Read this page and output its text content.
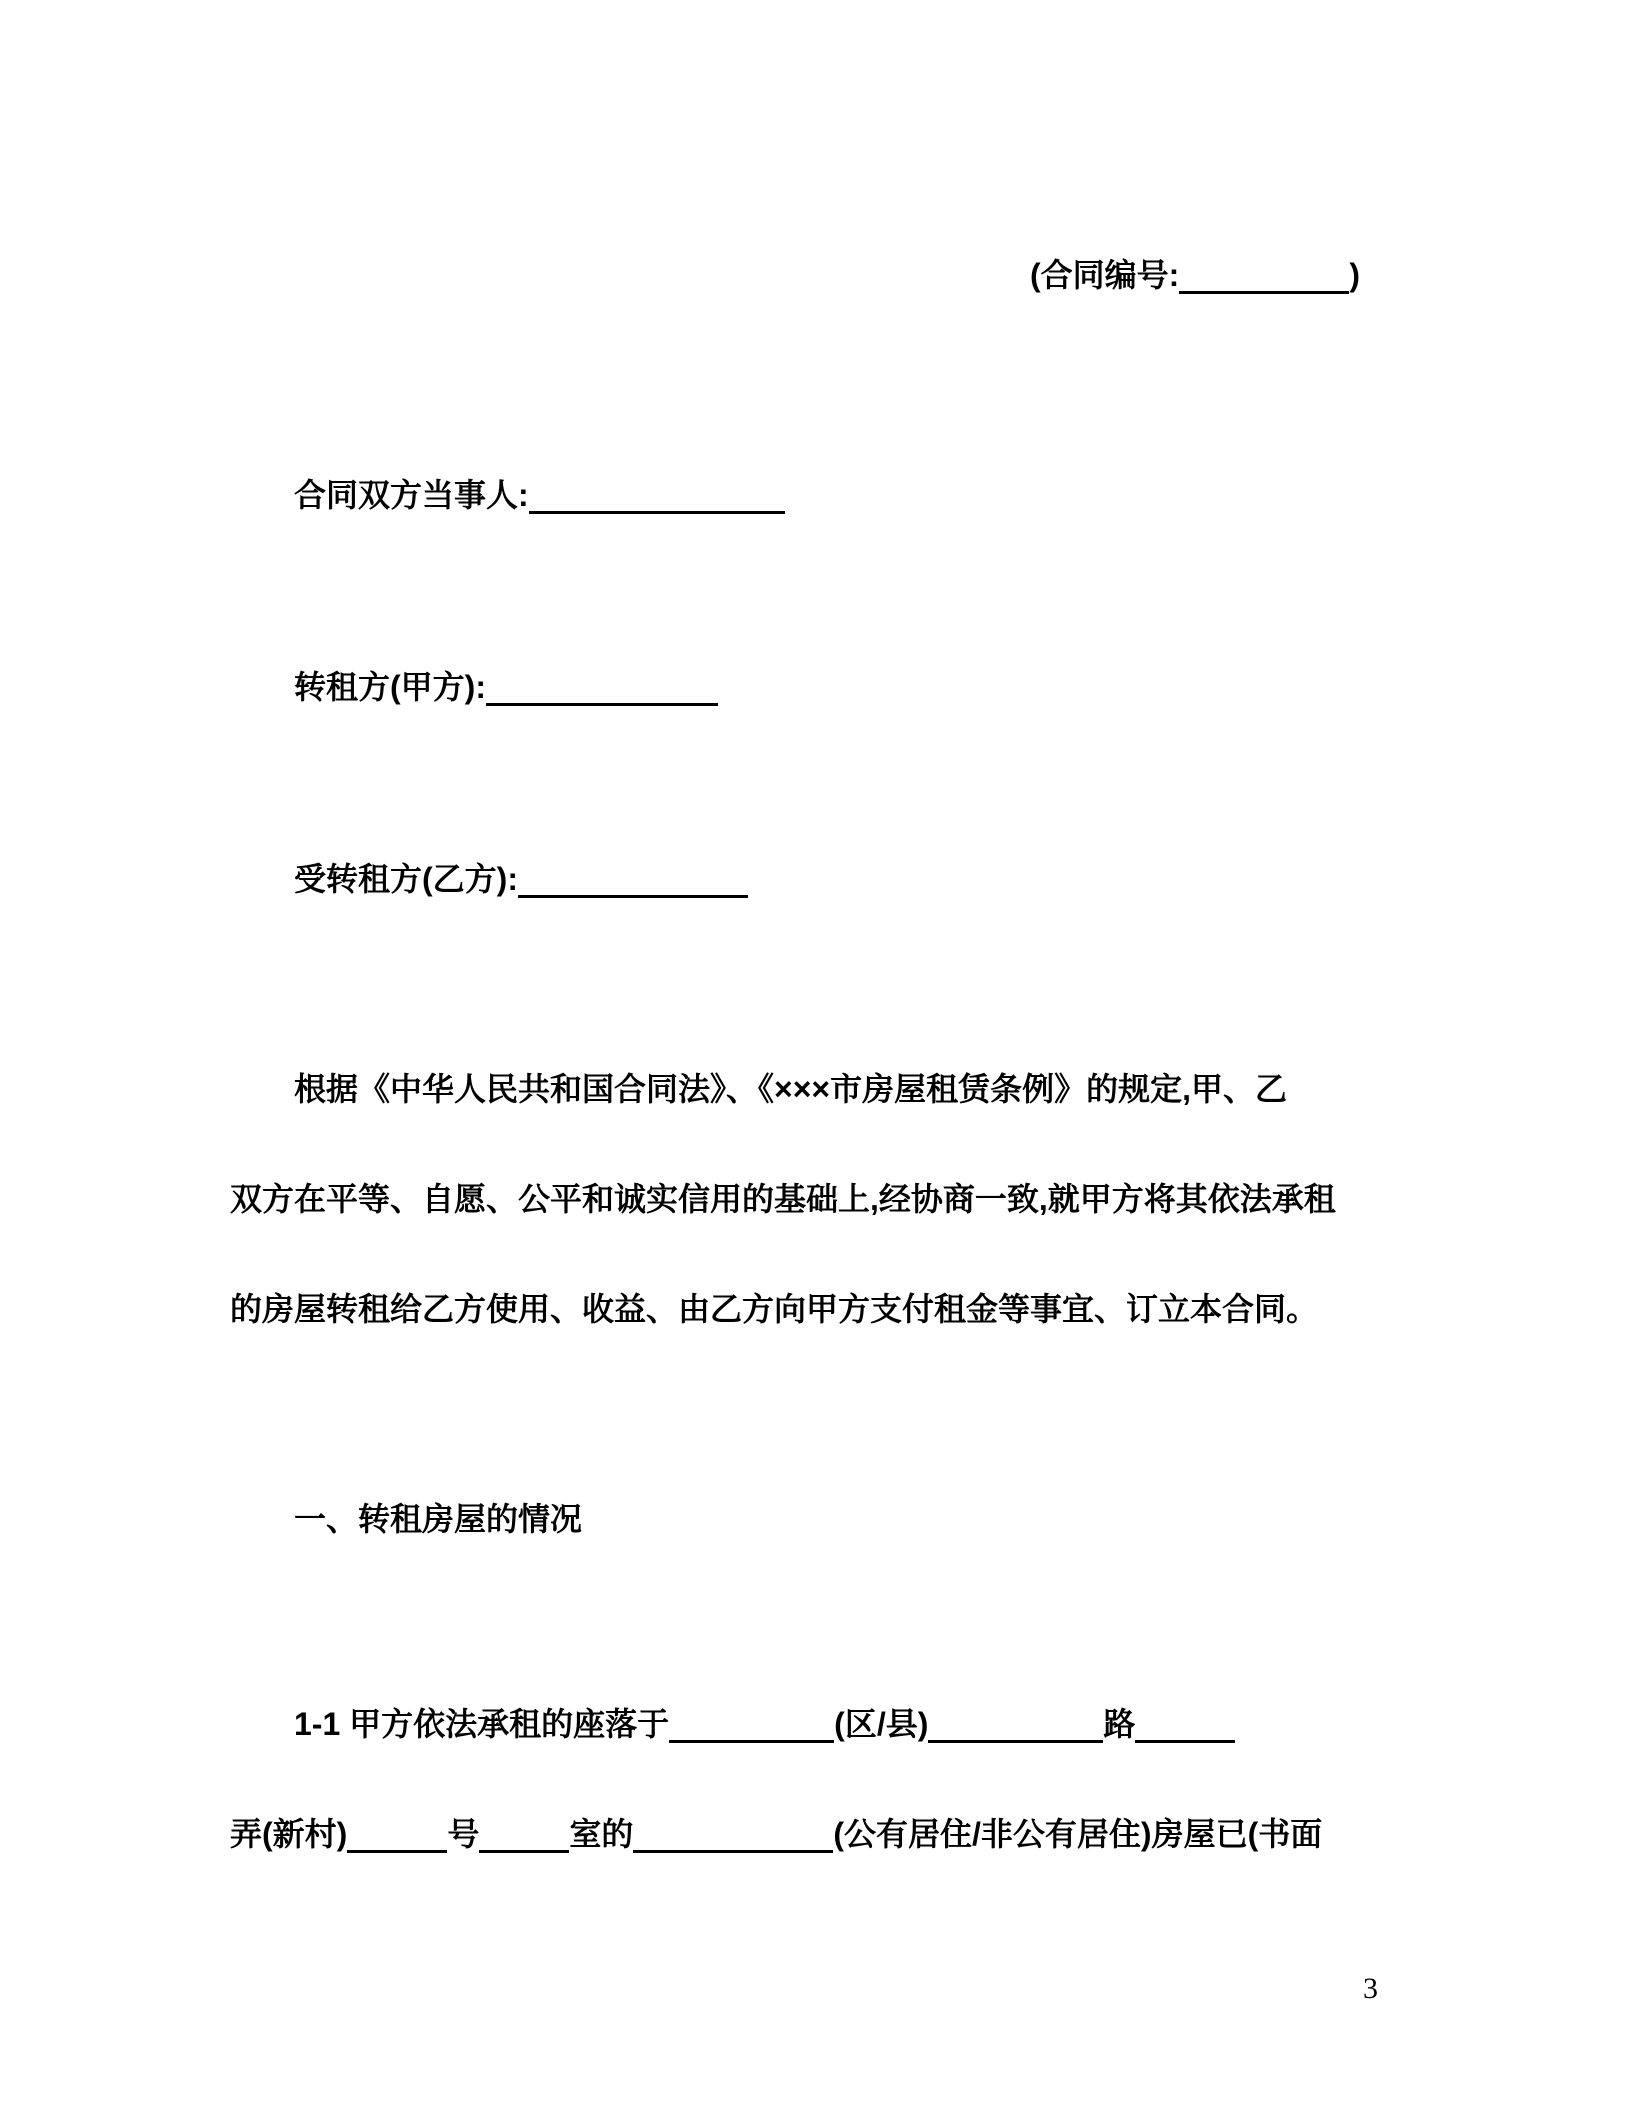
(合同编号:	)
合同双方当事人:
转租方(甲方):
受转租方(乙方):
根据《中华人民共和国合同法》、《×××市房屋租赁条例》的规定,甲、乙
双方在平等、自愿、公平和诚实信用的基础上,经协商一致,就甲方将其依法承租
的房屋转租给乙方使用、收益、由乙方向甲方支付租金等事宜、订立本合同。
一、转租房屋的情况
1-1 甲方依法承租的座落于	(区/县)	路
弄(新村)	号	室的	(公有居住/非公有居住)房屋已(书面
3
